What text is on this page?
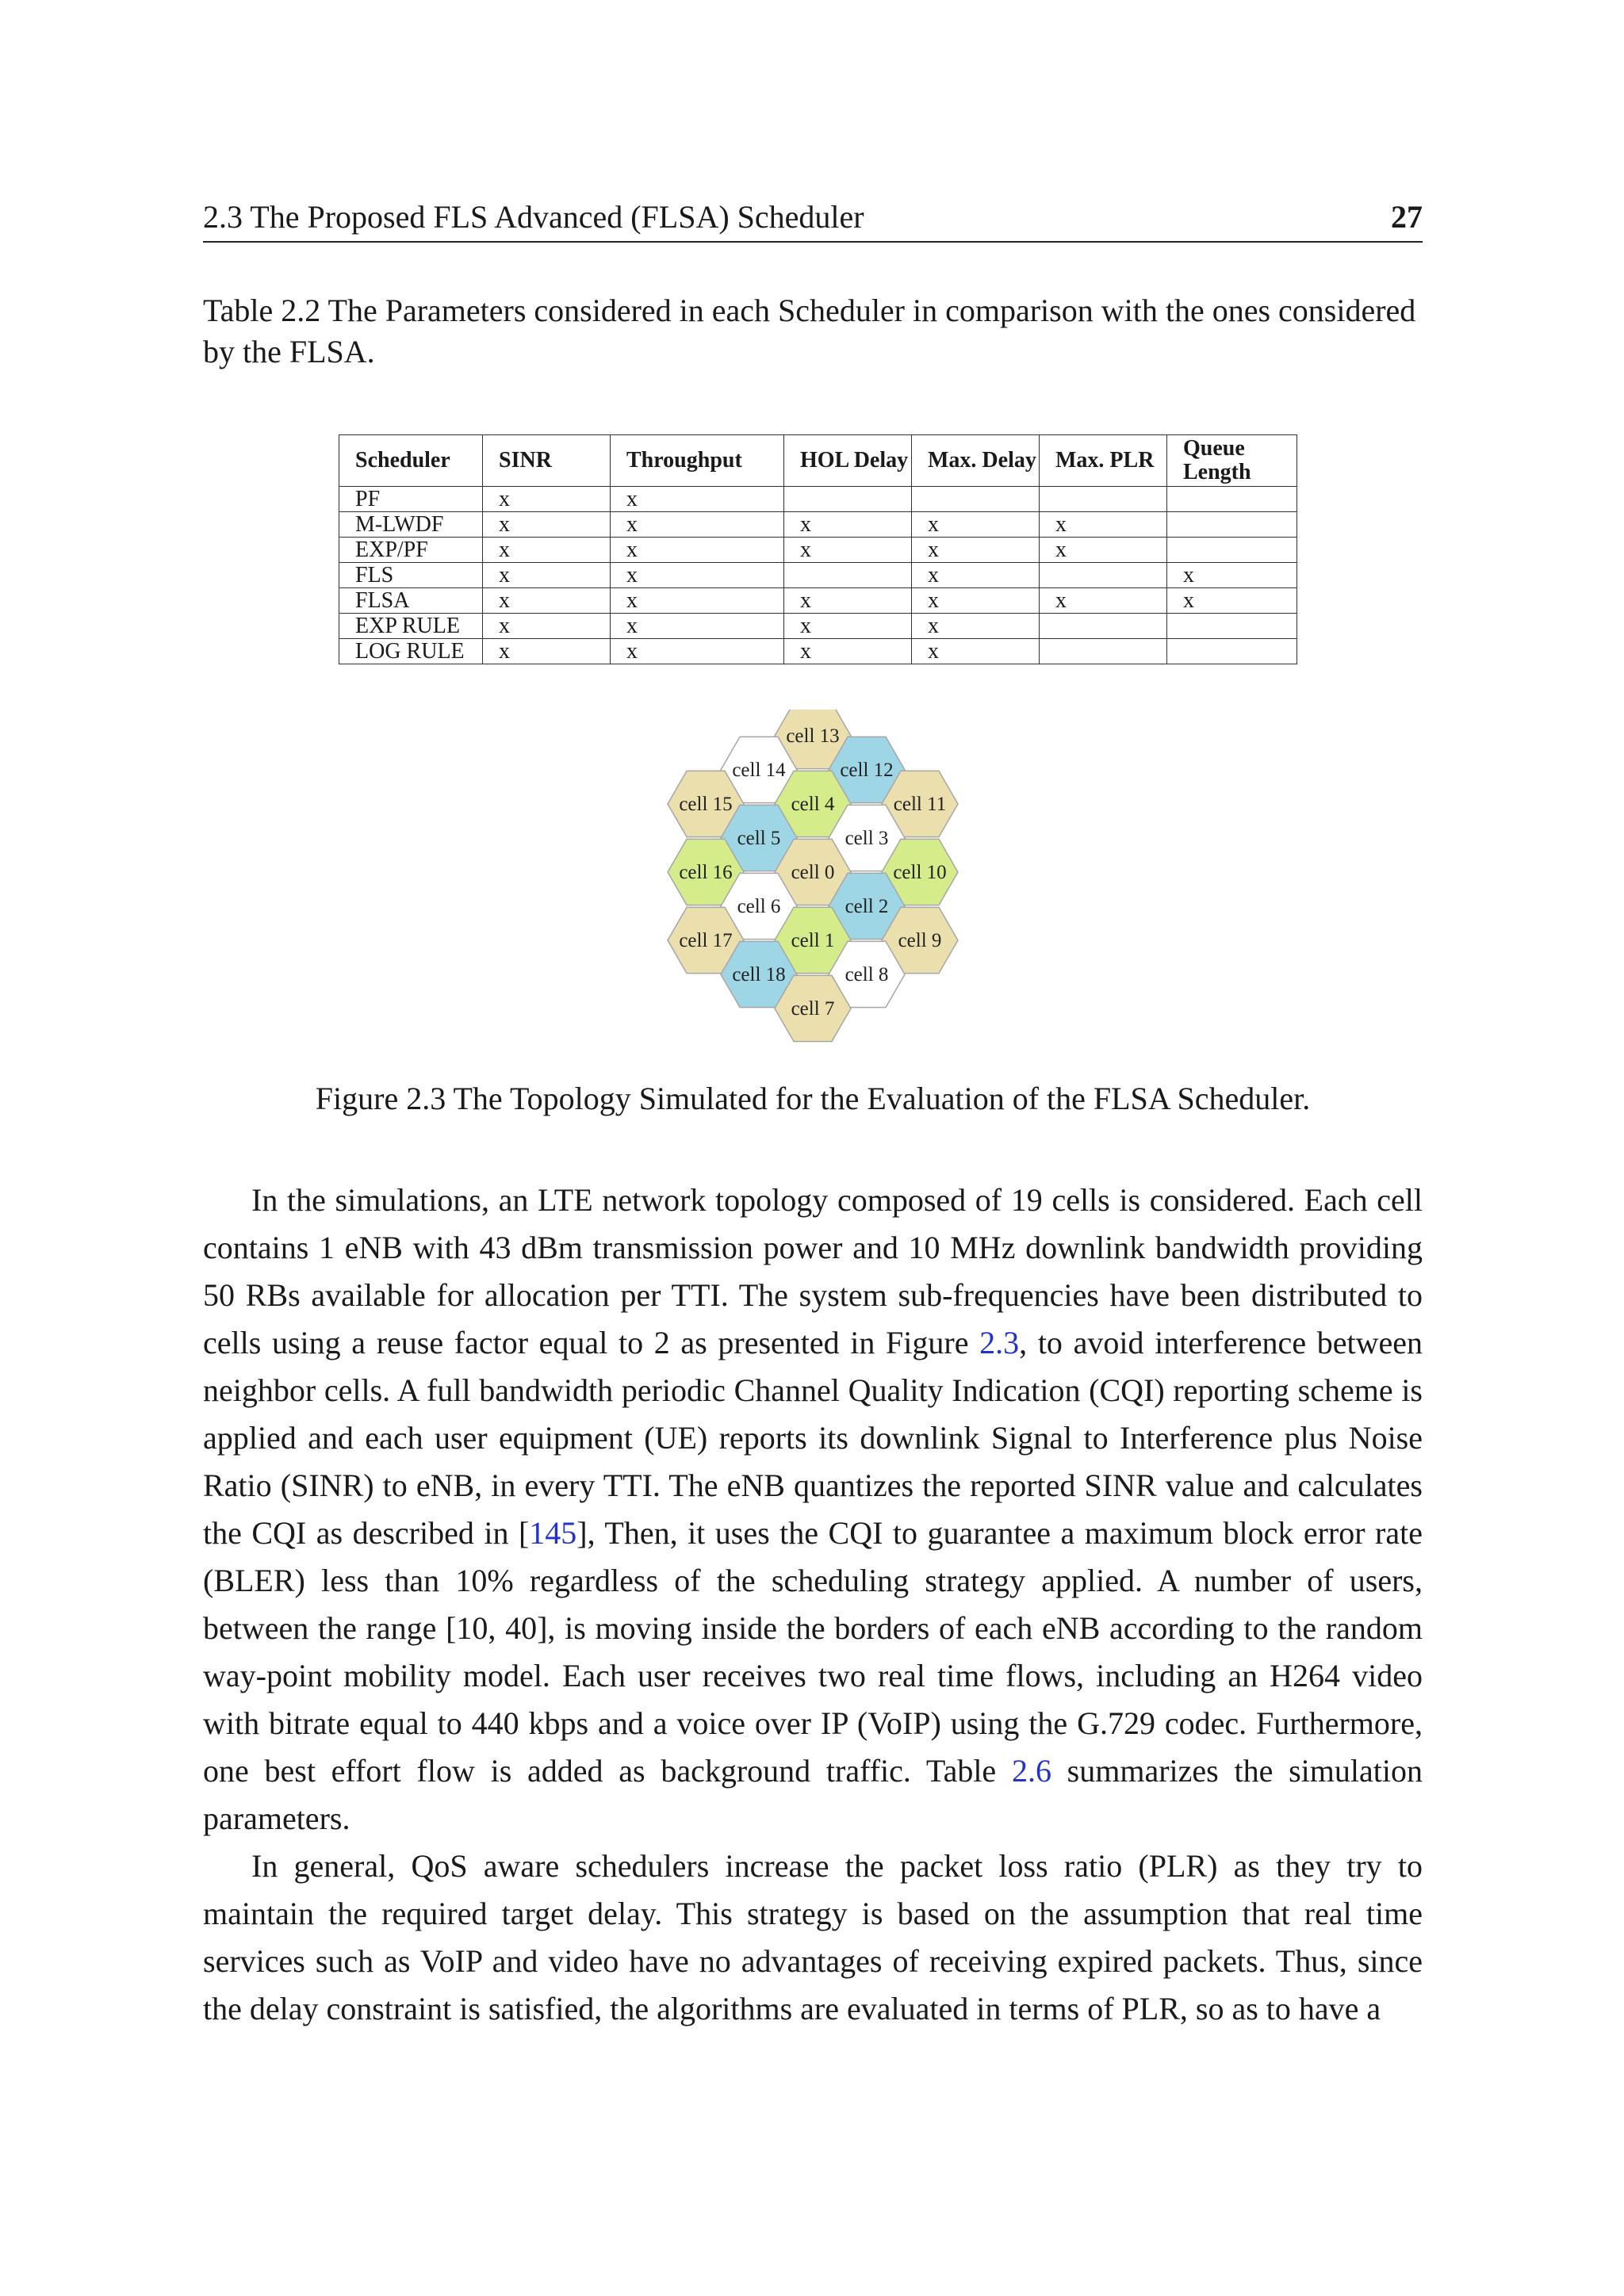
2.3 The Proposed FLS Advanced (FLSA) Scheduler	27
Table 2.2 The Parameters considered in each Scheduler in comparison with the ones considered by the FLSA.
Scheduler	SINR	Throughput	HOL Delay	Max. Delay	Max. PLR	Queue Length
PF	x	x				
M-LWDF	x	x	x	x	x	
EXP/PF	x	x	x	x	x	
FLS	x	x		x		x
FLSA	x	x	x	x	x	x
EXP RULE	x	x	x	x		
LOG RULE	x	x	x	x		
cell 13
cell 14	cell 12
cell 15	cell 4	cell 11
cell 5	cell 3
cell 16	cell 0	cell 10
cell 6	cell 2
cell 17	cell 1	cell 9
cell 18	cell 8
cell 7
Figure 2.3 The Topology Simulated for the Evaluation of the FLSA Scheduler.

In the simulations, an LTE network topology composed of 19 cells is considered. Each cell contains 1 eNB with 43 dBm transmission power and 10 MHz downlink bandwidth providing 50 RBs available for allocation per TTI. The system sub-frequencies have been distributed to cells using a reuse factor equal to 2 as presented in Figure 2.3, to avoid interference between neighbor cells. A full bandwidth periodic Channel Quality Indication (CQI) reporting scheme is applied and each user equipment (UE) reports its downlink Signal to Interference plus Noise Ratio (SINR) to eNB, in every TTI. The eNB quantizes the reported SINR value and calculates the CQI as described in [145], Then, it uses the CQI to guarantee a maximum block error rate (BLER) less than 10% regardless of the scheduling strategy applied. A number of users, between the range [10, 40], is moving inside the borders of each eNB according to the random way-point mobility model. Each user receives two real time flows, including an H264 video with bitrate equal to 440 kbps and a voice over IP (VoIP) using the G.729 codec. Furthermore, one best effort flow is added as background traffic. Table 2.6 summarizes the simulation parameters.

In general, QoS aware schedulers increase the packet loss ratio (PLR) as they try to maintain the required target delay. This strategy is based on the assumption that real time services such as VoIP and video have no advantages of receiving expired packets. Thus, since the delay constraint is satisfied, the algorithms are evaluated in terms of PLR, so as to have a
